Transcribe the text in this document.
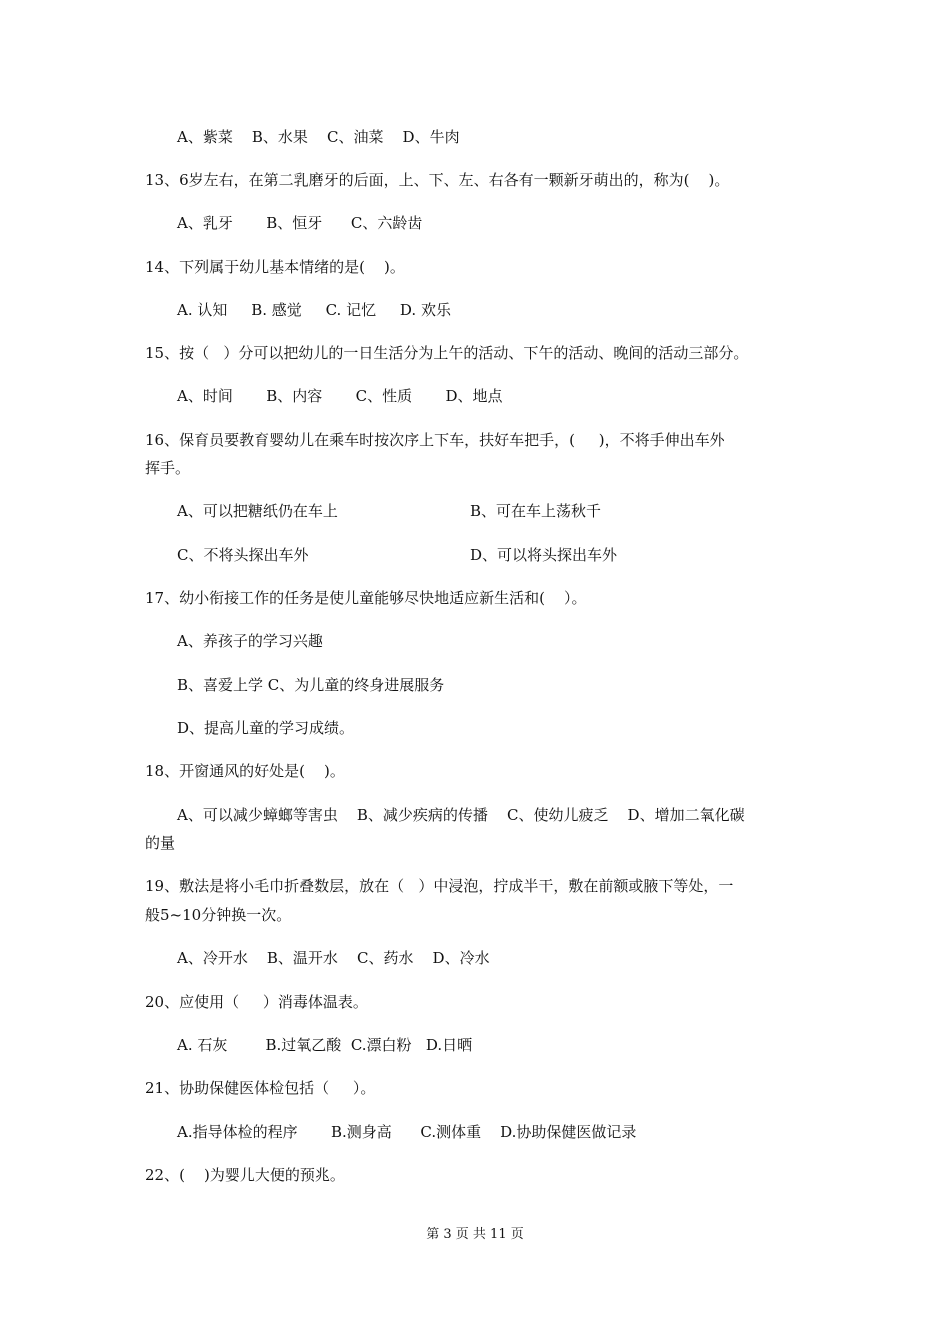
A、紫菜    B、水果    C、油菜    D、牛肉
13、6岁左右，在第二乳磨牙的后面，上、下、左、右各有一颗新牙萌出的，称为(    )。
A、乳牙       B、恒牙      C、六龄齿
14、下列属于幼儿基本情绪的是(    )。
A. 认知     B. 感觉     C. 记忆     D. 欢乐
15、按（   ）分可以把幼儿的一日生活分为上午的活动、下午的活动、晚间的活动三部分。
A、时间       B、内容       C、性质       D、地点
16、保育员要教育婴幼儿在乘车时按次序上下车，扶好车把手，(     )，不将手伸出车外
挥手。
A、可以把糖纸仍在车上	B、可在车上荡秋千
C、不将头探出车外	D、可以将头探出车外
17、幼小衔接工作的任务是使儿童能够尽快地适应新生活和(    ）。
A、养孩子的学习兴趣
B、喜爱上学 C、为儿童的终身进展服务
D、提高儿童的学习成绩。
18、开窗通风的好处是(    )。
A、可以减少蟑螂等害虫    B、减少疾病的传播    C、使幼儿疲乏    D、增加二氧化碳
的量
19、敷法是将小毛巾折叠数层，放在（   ）中浸泡，拧成半干，敷在前额或腋下等处，一
般5~10分钟换一次。
A、冷开水    B、温开水    C、药水    D、冷水
20、应使用（     ）消毒体温表。
A. 石灰        B.过氧乙酸  C.漂白粉   D.日晒
21、协助保健医体检包括（     ）。
A.指导体检的程序       B.测身高      C.测体重    D.协助保健医做记录
22、(    )为婴儿大便的预兆。
第 3 页 共 11 页
